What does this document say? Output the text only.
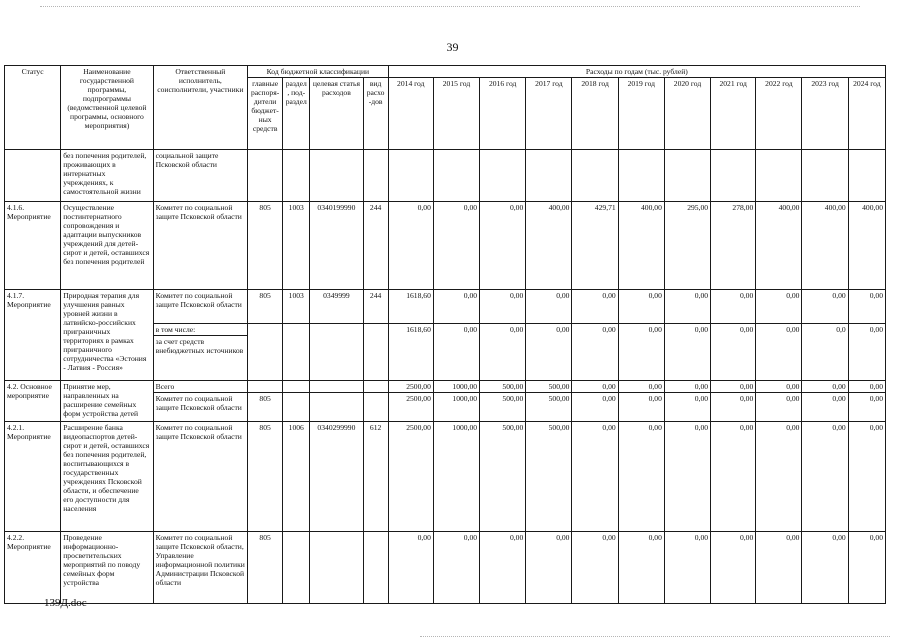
39
Статус	Наименование государственной программы, подпрограммы (ведомственной целевой программы, основного мероприятия)	Ответственный исполнитель, соисполнители, участники	Код бюджетной классификации				Расходы по годам (тыс. рублей)										
			главные распоря-дители бюджет-ных средств	раздел, под-раздел	целевая статья расходов	вид расхо-дов	2014 год	2015 год	2016 год	2017 год	2018 год	2019 год	2020 год	2021 год	2022 год	2023 год	2024 год
	без попечения родителей, проживающих в интернатных учреждениях, к самостоятельной жизни	социальной защите Псковской области															
4.1.6. Мероприятие	Осуществление постинтернатного сопровождения и адаптации выпускников учреждений для детей-сирот и детей, оставшихся без попечения родителей	Комитет по социальной защите Псковской области	805	1003	0340199990	244	0,00	0,00	0,00	400,00	429,71	400,00	295,00	278,00	400,00	400,00	400,00
4.1.7. Мероприятие	Природная терапия для улучшения равных уровней жизни в латвийско-российских приграничных территориях в рамках приграничного сотрудничества «Эстония - Латвия - Россия»	Комитет по социальной защите Псковской области	805	1003	0349999	244	1618,60	0,00	0,00	0,00	0,00	0,00	0,00	0,00	0,00	0,00	0,00
		в том числе:					1618,60	0,00	0,00	0,00	0,00	0,00	0,00	0,00	0,00	0,0	0,00
		за счет средств внебюджетных источников															
4.2. Основное мероприятие	Принятие мер, направленных на расширение семейных форм устройства детей	Всего					2500,00	1000,00	500,00	500,00	0,00	0,00	0,00	0,00	0,00	0,00	0,00
		Комитет по социальной защите Псковской области	805				2500,00	1000,00	500,00	500,00	0,00	0,00	0,00	0,00	0,00	0,00	0,00
4.2.1. Мероприятие	Расширение банка видеопаспортов детей-сирот и детей, оставшихся без попечения родителей, воспитывающихся в государственных учреждениях Псковской области, и обеспечение его доступности для населения	Комитет по социальной защите Псковской области	805	1006	0340299990	612	2500,00	1000,00	500,00	500,00	0,00	0,00	0,00	0,00	0,00	0,00	0,00
4.2.2. Мероприятие	Проведение информационно-просветительских мероприятий по поводу семейных форм устройства	Комитет по социальной защите Псковской области, Управление информационной политики Администрации Псковской области	805				0,00	0,00	0,00	0,00	0,00	0,00	0,00	0,00	0,00	0,00	0,00
139Д.doc
